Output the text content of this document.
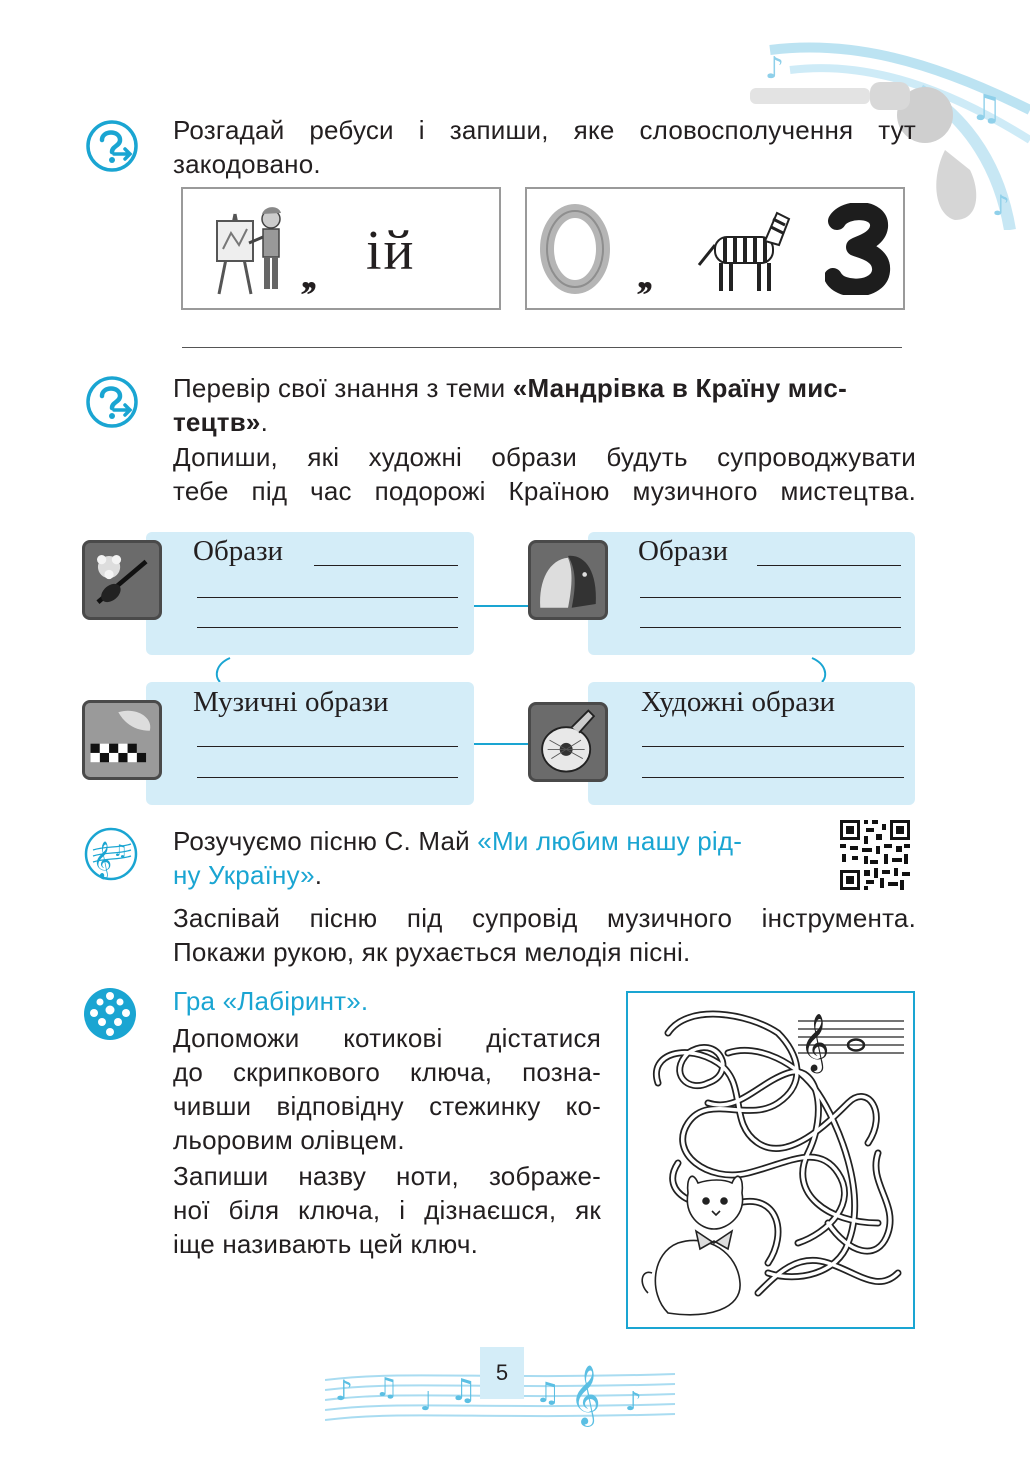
♪
♫
♪
Розгадай ребуси і запиши, яке словосполучення тут
закодовано.
,, ій	,,
Перевір свої знання з теми «Мандрівка в Країну мис-
тецтв».
Допиши, які художні образи будуть супроводжувати
тебе під час подорожі Країною музичного мистецтва.
Образи	Образи
Музичні образи	Художні образи
𝄞 ♫ Розучуємо пісню С. Май «Ми любим нашу рід-
ну Україну».
Заспівай пісню під супровід музичного інструмента.
Покажи рукою, як рухається мелодія пісні.
Гра «Лабіринт».
Допоможи котикові дістатися
до скрипкового ключа, позна-
чивши відповідну стежинку ко-
льоровим олівцем.
Запиши назву ноти, зображе-
ної біля ключа, і дізнаєшся, як
іще називають цей ключ.
𝄞
♪ ♫ ♩ ♫ ♫ 𝄞 ♪
5
